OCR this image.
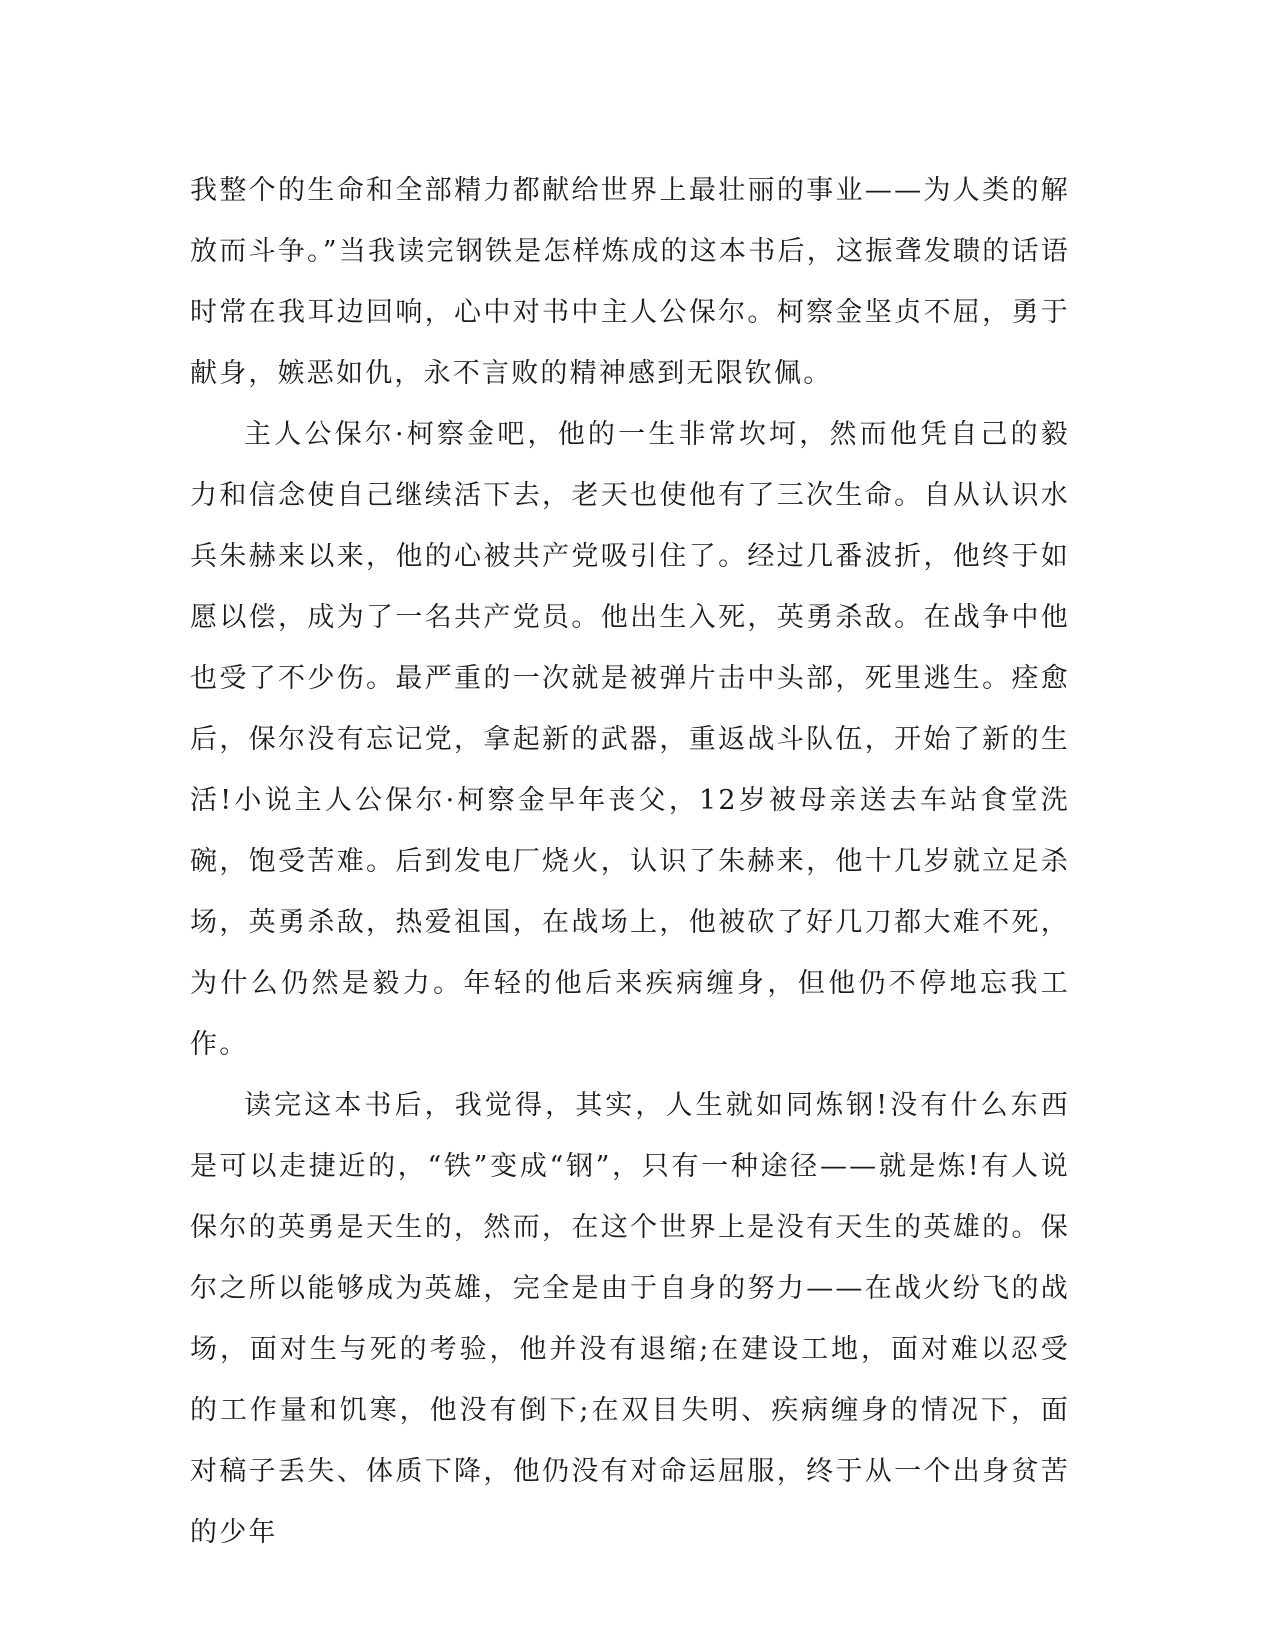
我整个的生命和全部精力都献给世界上最壮丽的事业——为人类的解放而斗争。”当我读完钢铁是怎样炼成的这本书后，这振聋发聩的话语时常在我耳边回响，心中对书中主人公保尔。柯察金坚贞不屈，勇于献身，嫉恶如仇，永不言败的精神感到无限钦佩。

主人公保尔·柯察金吧，他的一生非常坎坷，然而他凭自己的毅力和信念使自己继续活下去，老天也使他有了三次生命。自从认识水兵朱赫来以来，他的心被共产党吸引住了。经过几番波折，他终于如愿以偿，成为了一名共产党员。他出生入死，英勇杀敌。在战争中他也受了不少伤。最严重的一次就是被弹片击中头部，死里逃生。痊愈后，保尔没有忘记党，拿起新的武器，重返战斗队伍，开始了新的生活!小说主人公保尔·柯察金早年丧父，12岁被母亲送去车站食堂洗碗，饱受苦难。后到发电厂烧火，认识了朱赫来，他十几岁就立足杀场，英勇杀敌，热爱祖国，在战场上，他被砍了好几刀都大难不死，为什么仍然是毅力。年轻的他后来疾病缠身，但他仍不停地忘我工作。

读完这本书后，我觉得，其实，人生就如同炼钢!没有什么东西是可以走捷近的，“铁”变成“钢”，只有一种途径——就是炼!有人说保尔的英勇是天生的，然而，在这个世界上是没有天生的英雄的。保尔之所以能够成为英雄，完全是由于自身的努力——在战火纷飞的战场，面对生与死的考验，他并没有退缩;在建设工地，面对难以忍受的工作量和饥寒，他没有倒下;在双目失明、疾病缠身的情况下，面对稿子丢失、体质下降，他仍没有对命运屈服，终于从一个出身贫苦的少年
